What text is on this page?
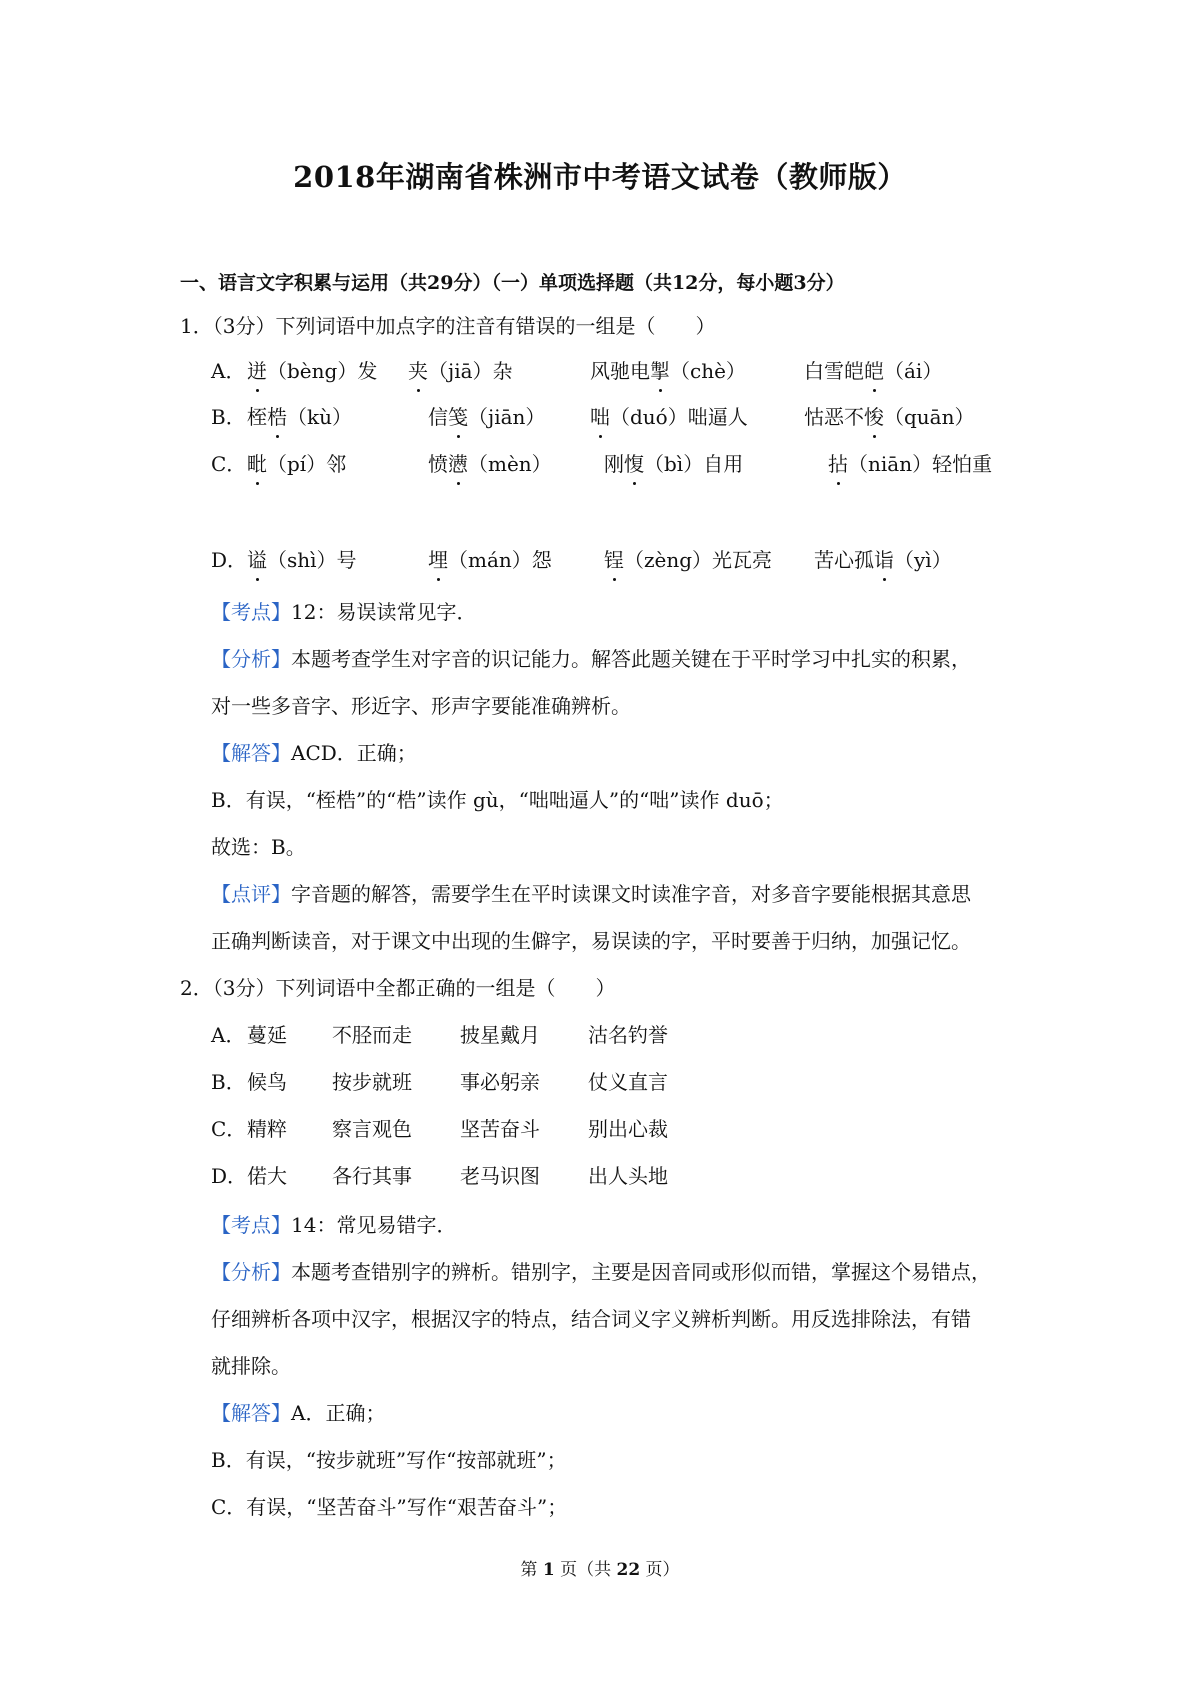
2018年湖南省株洲市中考语文试卷（教师版）
一、语言文字积累与运用（共29分）（一）单项选择题（共12分，每小题3分）
1．（3分）下列词语中加点字的注音有错误的一组是（　　）
A． 迸（bèng）发 夹（jiā）杂	风驰电掣（chè）	白雪皑皑（ái）
B． 桎梏（kù）	信笺（jiān） 咄（duó）咄逼人	怙恶不悛（quān）
C． 毗（pí）邻	愤懑（mèn）	刚愎（bì）自用	拈（niān）轻怕重
D． 谥（shì）号	埋（mán）怨	锃（zèng）光瓦亮 苦心孤诣（yì）
【考点】12：易误读常见字．
【分析】本题考查学生对字音的识记能力。解答此题关键在于平时学习中扎实的积累，
对一些多音字、形近字、形声字要能准确辨析。
【解答】ACD．正确；
B．有误，“桎梏”的“梏”读作 gù，“咄咄逼人”的“咄”读作 duō；
故选：B。
【点评】字音题的解答，需要学生在平时读课文时读准字音，对多音字要能根据其意思
正确判断读音，对于课文中出现的生僻字，易误读的字，平时要善于归纳，加强记忆。
2．（3分）下列词语中全都正确的一组是（　　）
A． 蔓延 不胫而走 披星戴月 沽名钓誉
B． 候鸟 按步就班 事必躬亲 仗义直言
C． 精粹 察言观色 坚苦奋斗 别出心裁
D． 偌大 各行其事 老马识图 出人头地
【考点】14：常见易错字．
【分析】本题考查错别字的辨析。错别字，主要是因音同或形似而错，掌握这个易错点，
仔细辨析各项中汉字，根据汉字的特点，结合词义字义辨析判断。用反选排除法，有错
就排除。
【解答】A．正确；
B．有误，“按步就班”写作“按部就班”；
C．有误，“坚苦奋斗”写作“艰苦奋斗”；
第 1 页（共 22 页）
